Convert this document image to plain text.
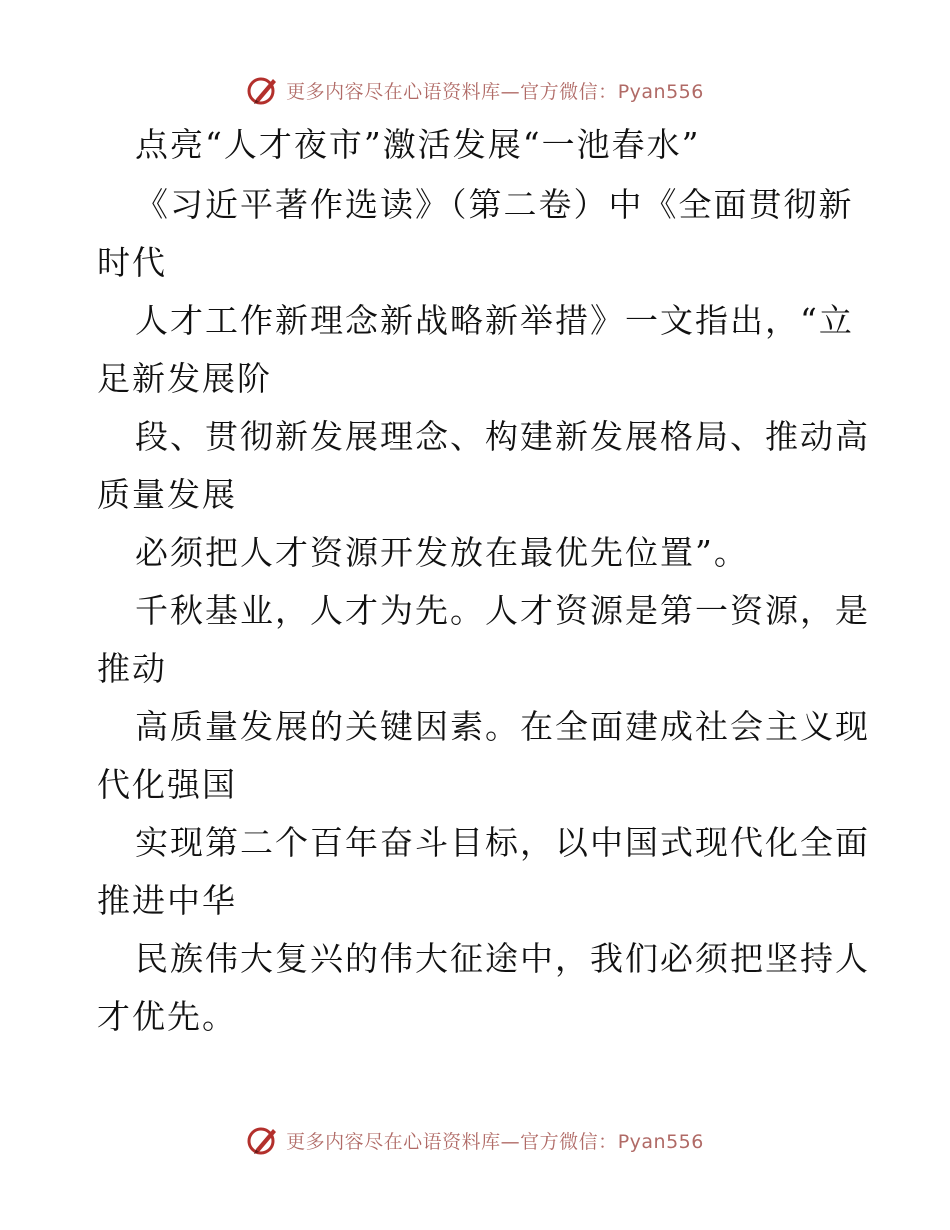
更多内容尽在心语资料库—官方微信：Pyan556
点亮“人才夜市”激活发展“一池春水”
《习近平著作选读》（第二卷）中《全面贯彻新
时代
人才工作新理念新战略新举措》一文指出，“立
足新发展阶
段、贯彻新发展理念、构建新发展格局、推动高
质量发展
必须把人才资源开发放在最优先位置”。
千秋基业，人才为先。人才资源是第一资源，是
推动
高质量发展的关键因素。在全面建成社会主义现
代化强国
实现第二个百年奋斗目标，以中国式现代化全面
推进中华
民族伟大复兴的伟大征途中，我们必须把坚持人
才优先。
更多内容尽在心语资料库—官方微信：Pyan556
